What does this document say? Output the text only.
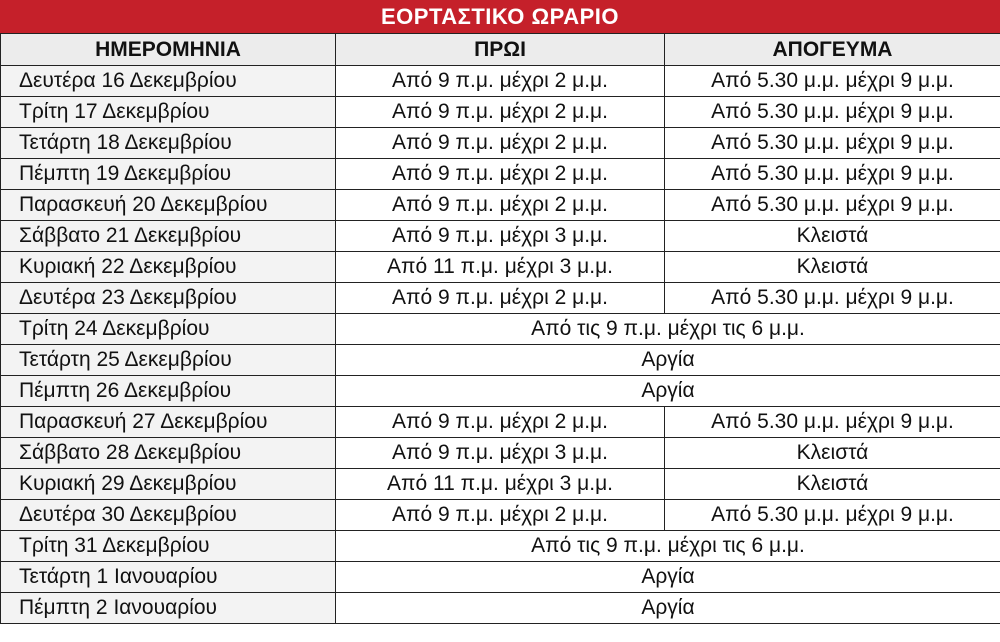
ΕΟΡΤΑΣΤΙΚΟ ΩΡΑΡΙΟ
ΗΜΕΡΟΜΗΝΙΑ	ΠΡΩΙ	ΑΠΟΓΕΥΜΑ
Δευτέρα 16 Δεκεμβρίου	Από 9 π.μ. μέχρι 2 μ.μ.	Από 5.30 μ.μ. μέχρι 9 μ.μ.
Τρίτη 17 Δεκεμβρίου	Από 9 π.μ. μέχρι 2 μ.μ.	Από 5.30 μ.μ. μέχρι 9 μ.μ.
Τετάρτη 18 Δεκεμβρίου	Από 9 π.μ. μέχρι 2 μ.μ.	Από 5.30 μ.μ. μέχρι 9 μ.μ.
Πέμπτη 19 Δεκεμβρίου	Από 9 π.μ. μέχρι 2 μ.μ.	Από 5.30 μ.μ. μέχρι 9 μ.μ.
Παρασκευή 20 Δεκεμβρίου	Από 9 π.μ. μέχρι 2 μ.μ.	Από 5.30 μ.μ. μέχρι 9 μ.μ.
Σάββατο 21 Δεκεμβρίου	Από 9 π.μ. μέχρι 3 μ.μ.	Κλειστά
Κυριακή 22 Δεκεμβρίου	Από 11 π.μ. μέχρι 3 μ.μ.	Κλειστά
Δευτέρα 23 Δεκεμβρίου	Από 9 π.μ. μέχρι 2 μ.μ.	Από 5.30 μ.μ. μέχρι 9 μ.μ.
Τρίτη 24 Δεκεμβρίου	Από τις 9 π.μ. μέχρι τις 6 μ.μ.	
Τετάρτη 25 Δεκεμβρίου	Αργία	
Πέμπτη 26 Δεκεμβρίου	Αργία	
Παρασκευή 27 Δεκεμβρίου	Από 9 π.μ. μέχρι 2 μ.μ.	Από 5.30 μ.μ. μέχρι 9 μ.μ.
Σάββατο 28 Δεκεμβρίου	Από 9 π.μ. μέχρι 3 μ.μ.	Κλειστά
Κυριακή 29 Δεκεμβρίου	Από 11 π.μ. μέχρι 3 μ.μ.	Κλειστά
Δευτέρα 30 Δεκεμβρίου	Από 9 π.μ. μέχρι 2 μ.μ.	Από 5.30 μ.μ. μέχρι 9 μ.μ.
Τρίτη 31 Δεκεμβρίου	Από τις 9 π.μ. μέχρι τις 6 μ.μ.	
Τετάρτη 1 Ιανουαρίου	Αργία	
Πέμπτη 2 Ιανουαρίου	Αργία	
